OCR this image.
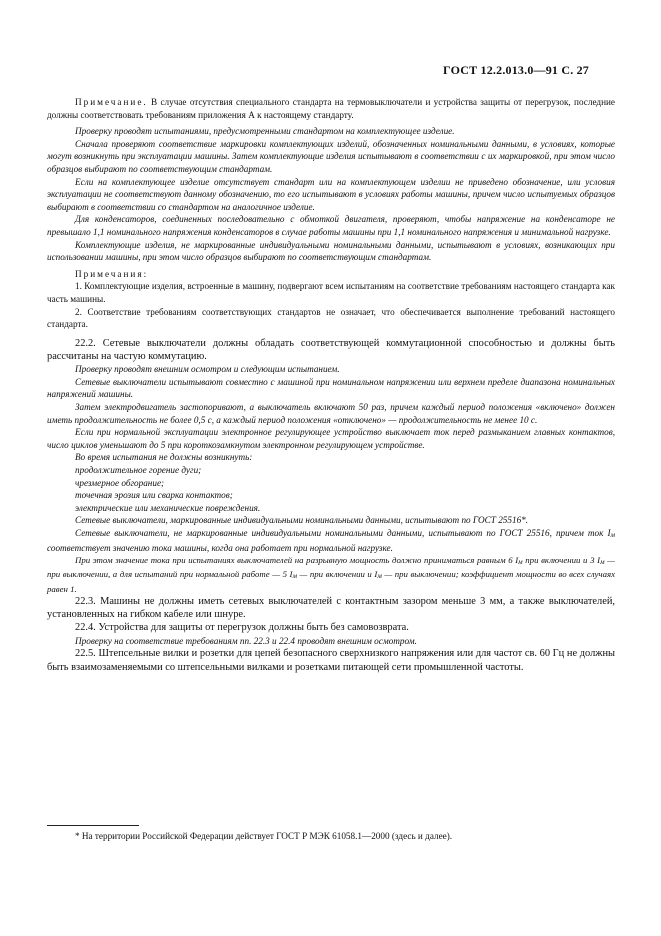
ГОСТ 12.2.013.0—91 С. 27

Примечание. В случае отсутствия специального стандарта на термовыключатели и устройства защиты от перегрузок, последние должны соответствовать требованиям приложения А к настоящему стандарту.

Проверку проводят испытаниями, предусмотренными стандартом на комплектующее изделие.

Сначала проверяют соответствие маркировки комплектующих изделий, обозначенных номинальными данными, в условиях, которые могут возникнуть при эксплуатации машины. Затем комплектующие изделия испытывают в соответствии с их маркировкой, при этом число образцов выбирают по соответствующим стандартам.

Если на комплектующее изделие отсутствует стандарт или на комплектующем изделии не приведено обозначение, или условия эксплуатации не соответствуют данному обозначению, то его испытывают в условиях работы машины, причем число испытуемых образцов выбирают в соответствии со стандартом на аналогичное изделие.

Для конденсаторов, соединенных последовательно с обмоткой двигателя, проверяют, чтобы напряжение на конденсаторе не превышало 1,1 номинального напряжения конденсаторов в случае работы машины при 1,1 номинального напряжения и минимальной нагрузке.

Комплектующие изделия, не маркированные индивидуальными номинальными данными, испытывают в условиях, возникающих при использовании машины, при этом число образцов выбирают по соответствующим стандартам.

Примечания:

1. Комплектующие изделия, встроенные в машину, подвергают всем испытаниям на соответствие требованиям настоящего стандарта как часть машины.

2. Соответствие требованиям соответствующих стандартов не означает, что обеспечивается выполнение требований настоящего стандарта.

22.2. Сетевые выключатели должны обладать соответствующей коммутационной способностью и должны быть рассчитаны на частую коммутацию.

Проверку проводят внешним осмотром и следующим испытанием.

Сетевые выключатели испытывают совместно с машиной при номинальном напряжении или верхнем пределе диапазона номинальных напряжений машины.

Затем электродвигатель застопоривают, а выключатель включают 50 раз, причем каждый период положения «включено» должен иметь продолжительность не более 0,5 с, а каждый период положения «отключено» — продолжительность не менее 10 с.

Если при нормальной эксплуатации электронное регулирующее устройство выключает ток перед размыканием главных контактов, число циклов уменьшают до 5 при короткозамкнутом электронном регулирующем устройстве.

Во время испытания не должны возникнуть:

продолжительное горение дуги;

чрезмерное обгорание;

точечная эрозия или сварка контактов;

электрические или механические повреждения.

Сетевые выключатели, маркированные индивидуальными номинальными данными, испытывают по ГОСТ 25516*.

Сетевые выключатели, не маркированные индивидуальными номинальными данными, испытывают по ГОСТ 25516, причем ток Iм соответствует значению тока машины, когда она работает при нормальной нагрузке.

При этом значение тока при испытаниях выключателей на разрывную мощность должно приниматься равным 6 Iм при включении и 3 Iм — при выключении, а для испытаний при нормальной работе — 5 Iм — при включении и Iм — при выключении; коэффициент мощности во всех случаях равен 1.

22.3. Машины не должны иметь сетевых выключателей с контактным зазором меньше 3 мм, а также выключателей, установленных на гибком кабеле или шнуре.

22.4. Устройства для защиты от перегрузок должны быть без самовозврата.

Проверку на соответствие требованиям пп. 22.3 и 22.4 проводят внешним осмотром.

22.5. Штепсельные вилки и розетки для цепей безопасного сверхнизкого напряжения или для частот св. 60 Гц не должны быть взаимозаменяемыми со штепсельными вилками и розетками питающей сети промышленной частоты.

* На территории Российской Федерации действует ГОСТ Р МЭК 61058.1—2000 (здесь и далее).
